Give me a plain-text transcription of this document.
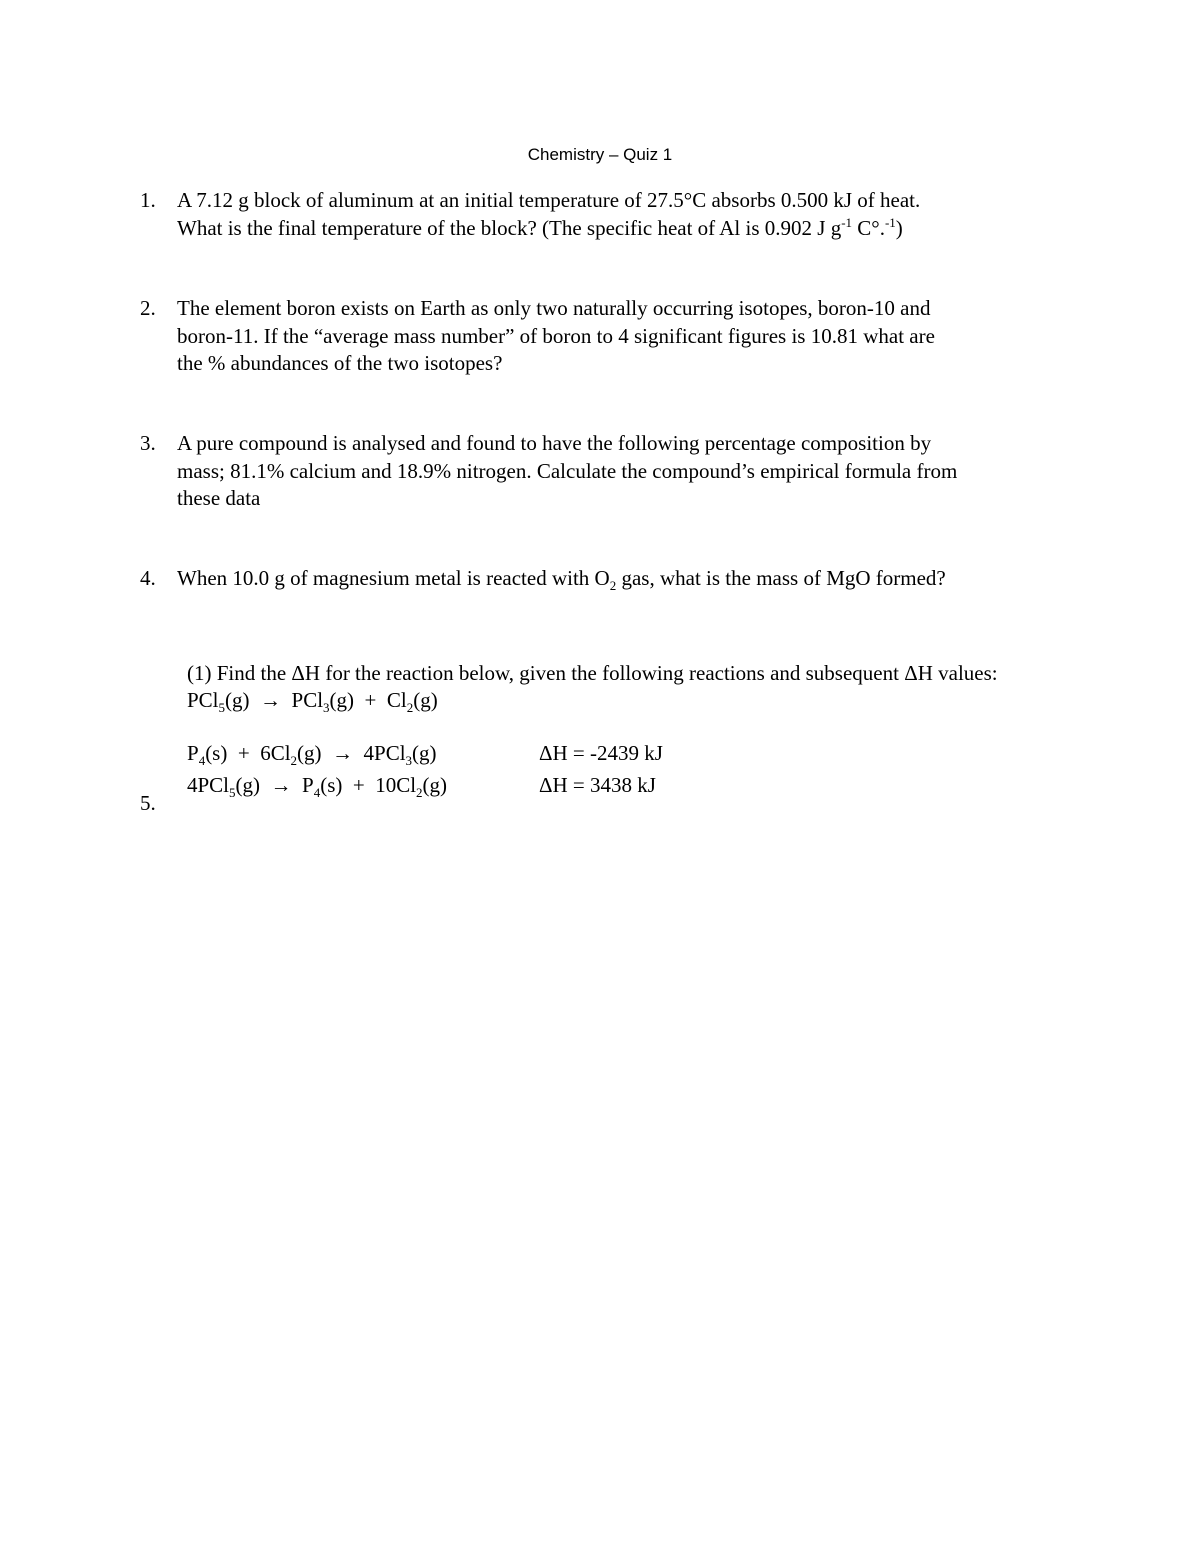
Chemistry – Quiz 1
1. A 7.12 g block of aluminum at an initial temperature of 27.5°C absorbs 0.500 kJ of heat.
What is the final temperature of the block? (The specific heat of Al is 0.902 J $g^{-1}$ C°.$^{-1}$)
2. The element boron exists on Earth as only two naturally occurring isotopes, boron-10 and
boron-11. If the “average mass number” of boron to 4 significant figures is 10.81 what are
the % abundances of the two isotopes?
3. A pure compound is analysed and found to have the following percentage composition by
mass; 81.1% calcium and 18.9% nitrogen. Calculate the compound’s empirical formula from
these data
4. When 10.0 g of magnesium metal is reacted with $O_2$ gas, what is the mass of MgO formed?
5.
(1) Find the ΔH for the reaction below, given the following reactions and subsequent ΔH values:
$PCl_5(g) \to PCl_3(g) + Cl_2(g)$
$P_4(s) + 6Cl_2(g) \to 4PCl_3(g)$	ΔH = -2439 kJ
$4PCl_5(g) \to P_4(s) + 10Cl_2(g)$	ΔH = 3438 kJ
